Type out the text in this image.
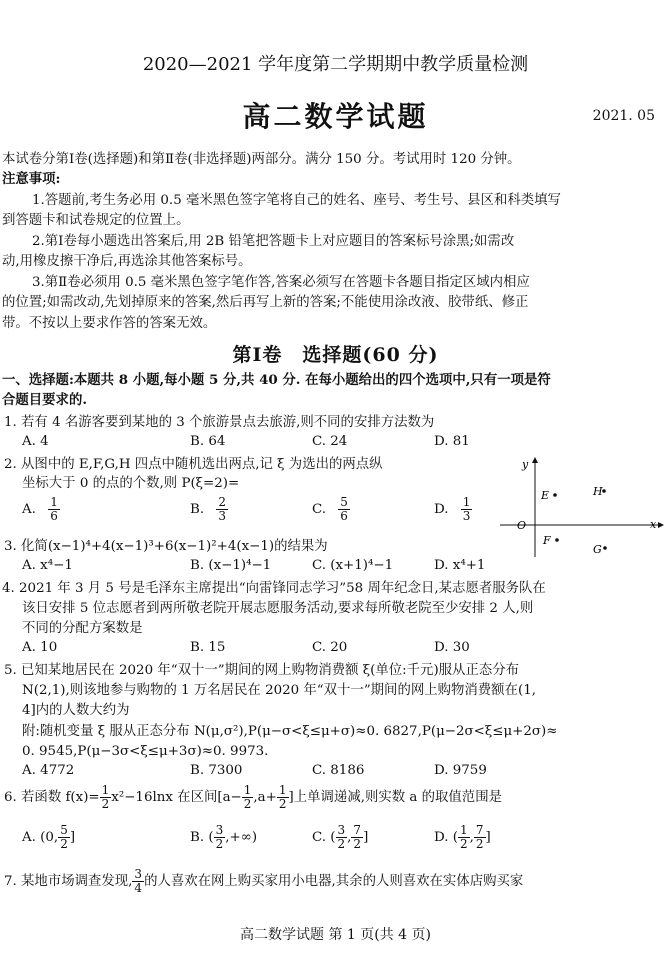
2020—2021 学年度第二学期期中教学质量检测
高二数学试题	2021. 05
本试卷分第Ⅰ卷(选择题)和第Ⅱ卷(非选择题)两部分。满分 150 分。考试用时 120 分钟。
注意事项:
1.答题前,考生务必用 0.5 毫米黑色签字笔将自己的姓名、座号、考生号、县区和科类填写
到答题卡和试卷规定的位置上。
2.第Ⅰ卷每小题选出答案后,用 2B 铅笔把答题卡上对应题目的答案标号涂黑;如需改
动,用橡皮擦干净后,再选涂其他答案标号。
3.第Ⅱ卷必须用 0.5 毫米黑色签字笔作答,答案必须写在答题卡各题目指定区域内相应
的位置;如需改动,先划掉原来的答案,然后再写上新的答案;不能使用涂改液、胶带纸、修正
带。不按以上要求作答的答案无效。
第Ⅰ卷　选择题(60 分)
一、选择题:本题共 8 小题,每小题 5 分,共 40 分. 在每小题给出的四个选项中,只有一项是符
合题目要求的.
1. 若有 4 名游客要到某地的 3 个旅游景点去旅游,则不同的安排方法数为
A. 4	B. 64	C. 24	D. 81
2. 从图中的 E,F,G,H 四点中随机选出两点,记 ξ 为选出的两点纵
坐标大于 0 的点的个数,则 P(ξ=2)=
A. $\frac{1}{6}$	B. $\frac{2}{3}$	C. $\frac{5}{6}$	D. $\frac{1}{3}$
y
x
O
E	H
F
G
3. 化简(x−1)⁴+4(x−1)³+6(x−1)²+4(x−1)的结果为
A. x⁴−1	B. (x−1)⁴−1	C. (x+1)⁴−1	D. x⁴+1
4. 2021 年 3 月 5 号是毛泽东主席提出“向雷锋同志学习”58 周年纪念日,某志愿者服务队在
该日安排 5 位志愿者到两所敬老院开展志愿服务活动,要求每所敬老院至少安排 2 人,则
不同的分配方案数是
A. 10	B. 15	C. 20	D. 30
5. 已知某地居民在 2020 年“双十一”期间的网上购物消费额 ξ(单位:千元)服从正态分布
N(2,1),则该地参与购物的 1 万名居民在 2020 年“双十一”期间的网上购物消费额在(1,
4]内的人数大约为
附:随机变量 ξ 服从正态分布 N(μ,σ²),P(μ−σ<ξ≤μ+σ)≈0. 6827,P(μ−2σ<ξ≤μ+2σ)≈
0. 9545,P(μ−3σ<ξ≤μ+3σ)≈0. 9973.
A. 4772	B. 7300	C. 8186	D. 9759
6. 若函数 $f(x)= \frac{1}{2} x^2-16\ln x$ 在区间[$a- \frac{1}{2} ,a+ \frac{1}{2}$ ]上单调递减,则实数 a 的取值范围是
A. (0, $\frac{5}{2}$ ]	B. ( $\frac{3}{2}$ ,+∞)	C. ( $\frac{3}{2}$ , $\frac{7}{2}$ ]	D. ( $\frac{1}{2}$ , $\frac{7}{2}$ ]
7. 某地市场调查发现, $\frac{3}{4}$ 的人喜欢在网上购买家用小电器,其余的人则喜欢在实体店购买家
高二数学试题 第 1 页(共 4 页)
